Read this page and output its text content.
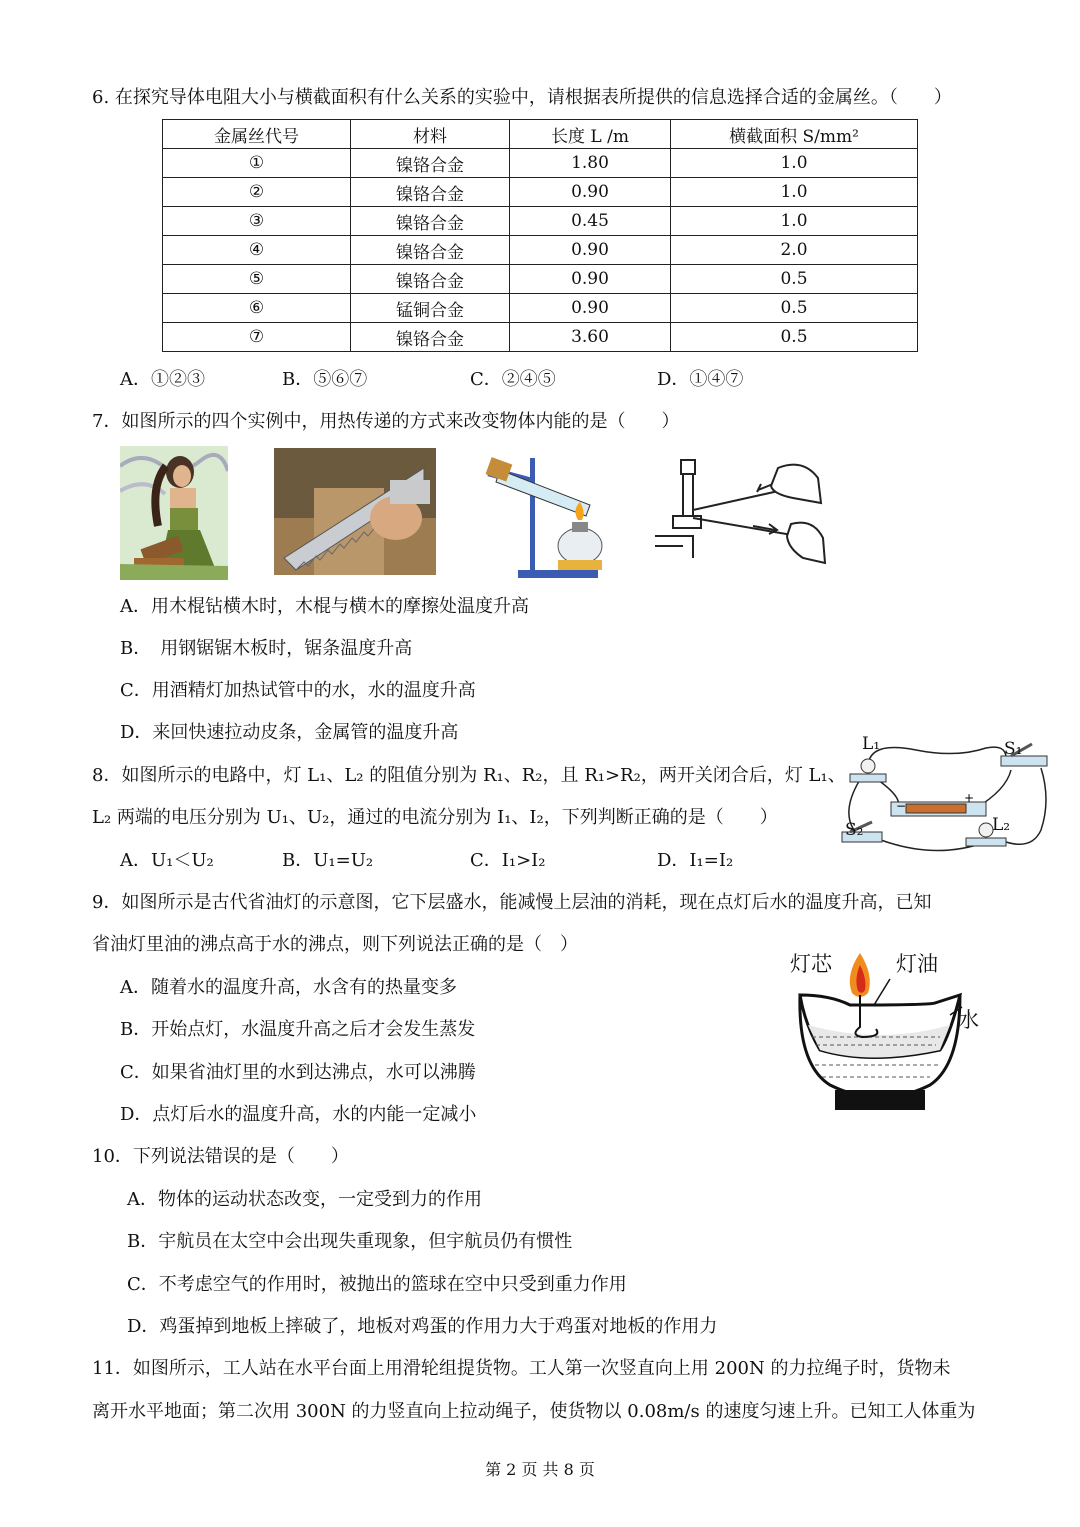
6. 在探究导体电阻大小与横截面积有什么关系的实验中，请根据表所提供的信息选择合适的金属丝。（　　）
金属丝代号	材料	长度 L /m	横截面积 S/mm²
①	镍铬合金	1.80	1.0
②	镍铬合金	0.90	1.0
③	镍铬合金	0.45	1.0
④	镍铬合金	0.90	2.0
⑤	镍铬合金	0.90	0.5
⑥	锰铜合金	0.90	0.5
⑦	镍铬合金	3.60	0.5
A．①②③	B．⑤⑥⑦	C．②④⑤	D．①④⑦
7．如图所示的四个实例中，用热传递的方式来改变物体内能的是（　　）
A．用木棍钻横木时，木棍与横木的摩擦处温度升高
B．　用钢锯锯木板时，锯条温度升高
C．用酒精灯加热试管中的水，水的温度升高
D．来回快速拉动皮条，金属管的温度升高
8．如图所示的电路中，灯 L₁、L₂ 的阻值分别为 R₁、R₂，且 R₁>R₂，两开关闭合后，灯 L₁、
L₂ 两端的电压分别为 U₁、U₂，通过的电流分别为 I₁、I₂，下列判断正确的是（　　）
A．U₁＜U₂	B．U₁=U₂	C．I₁>I₂	D．I₁=I₂
−
+
L₁	S₁
S₂	L₂
9．如图所示是古代省油灯的示意图，它下层盛水，能减慢上层油的消耗，现在点灯后水的温度升高，已知
省油灯里油的沸点高于水的沸点，则下列说法正确的是（　）
A．随着水的温度升高，水含有的热量变多
B．开始点灯，水温度升高之后才会发生蒸发
C．如果省油灯里的水到达沸点，水可以沸腾
D．点灯后水的温度升高，水的内能一定减小
灯芯	灯油
水
10．下列说法错误的是（　　）
A．物体的运动状态改变，一定受到力的作用
B．宇航员在太空中会出现失重现象，但宇航员仍有惯性
C．不考虑空气的作用时，被抛出的篮球在空中只受到重力作用
D．鸡蛋掉到地板上摔破了，地板对鸡蛋的作用力大于鸡蛋对地板的作用力
11．如图所示，工人站在水平台面上用滑轮组提货物。工人第一次竖直向上用 200N 的力拉绳子时，货物未
离开水平地面；第二次用 300N 的力竖直向上拉动绳子，使货物以 0.08m/s 的速度匀速上升。已知工人体重为
第 2 页 共 8 页
